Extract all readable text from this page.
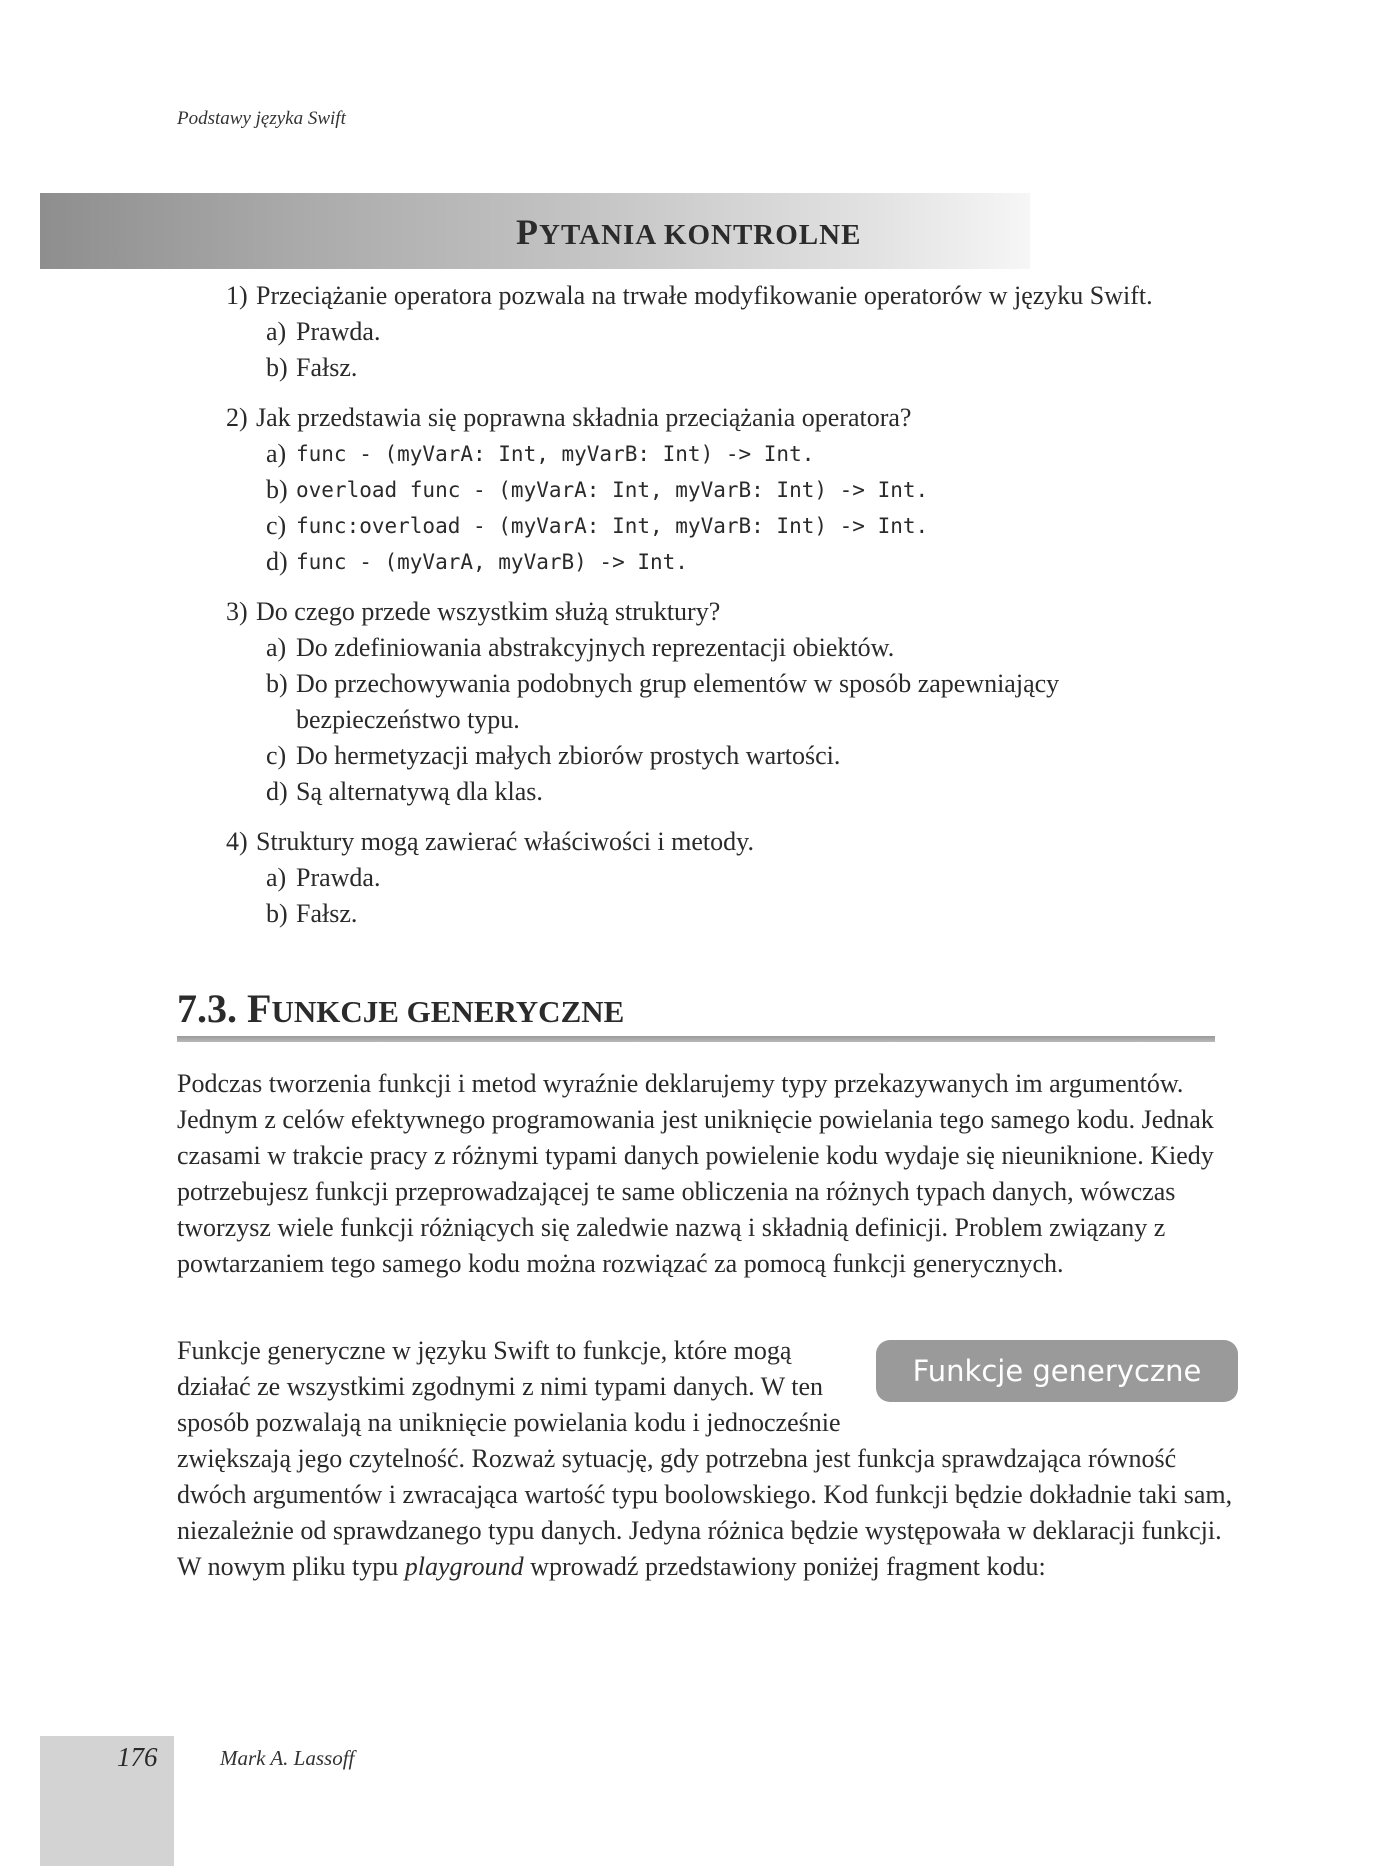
Podstawy języka Swift
PYTANIA KONTROLNE
1) Przeciążanie operatora pozwala na trwałe modyfikowanie operatorów w języku Swift.
a) Prawda.
b) Fałsz.
2) Jak przedstawia się poprawna składnia przeciążania operatora?
a) func - (myVarA: Int, myVarB: Int) -> Int.
b) overload func - (myVarA: Int, myVarB: Int) -> Int.
c) func:overload - (myVarA: Int, myVarB: Int) -> Int.
d) func - (myVarA, myVarB) -> Int.
3) Do czego przede wszystkim służą struktury?
a) Do zdefiniowania abstrakcyjnych reprezentacji obiektów.
b) Do przechowywania podobnych grup elementów w sposób zapewniający bezpieczeństwo typu.
c) Do hermetyzacji małych zbiorów prostych wartości.
d) Są alternatywą dla klas.
4) Struktury mogą zawierać właściwości i metody.
a) Prawda.
b) Fałsz.
7.3. FUNKCJE GENERYCZNE
Podczas tworzenia funkcji i metod wyraźnie deklarujemy typy przekazywanych im argumentów. Jednym z celów efektywnego programowania jest uniknięcie powielania tego samego kodu. Jednak czasami w trakcie pracy z różnymi typami danych powielenie kodu wydaje się nieuniknione. Kiedy potrzebujesz funkcji przeprowadzającej te same obliczenia na różnych typach danych, wówczas tworzysz wiele funkcji różniących się zaledwie nazwą i składnią definicji. Problem związany z powtarzaniem tego samego kodu można rozwiązać za pomocą funkcji generycznych.
Funkcje generyczne w języku Swift to funkcje, które mogą działać ze wszystkimi zgodnymi z nimi typami danych. W ten sposób pozwalają na uniknięcie powielania kodu i jednocześnie
zwiększają jego czytelność. Rozważ sytuację, gdy potrzebna jest funkcja sprawdzająca równość dwóch argumentów i zwracająca wartość typu boolowskiego. Kod funkcji będzie dokładnie taki sam, niezależnie od sprawdzanego typu danych. Jedyna różnica będzie występowała w deklaracji funkcji. W nowym pliku typu playground wprowadź przedstawiony poniżej fragment kodu:
Funkcje generyczne
176	Mark A. Lassoff
